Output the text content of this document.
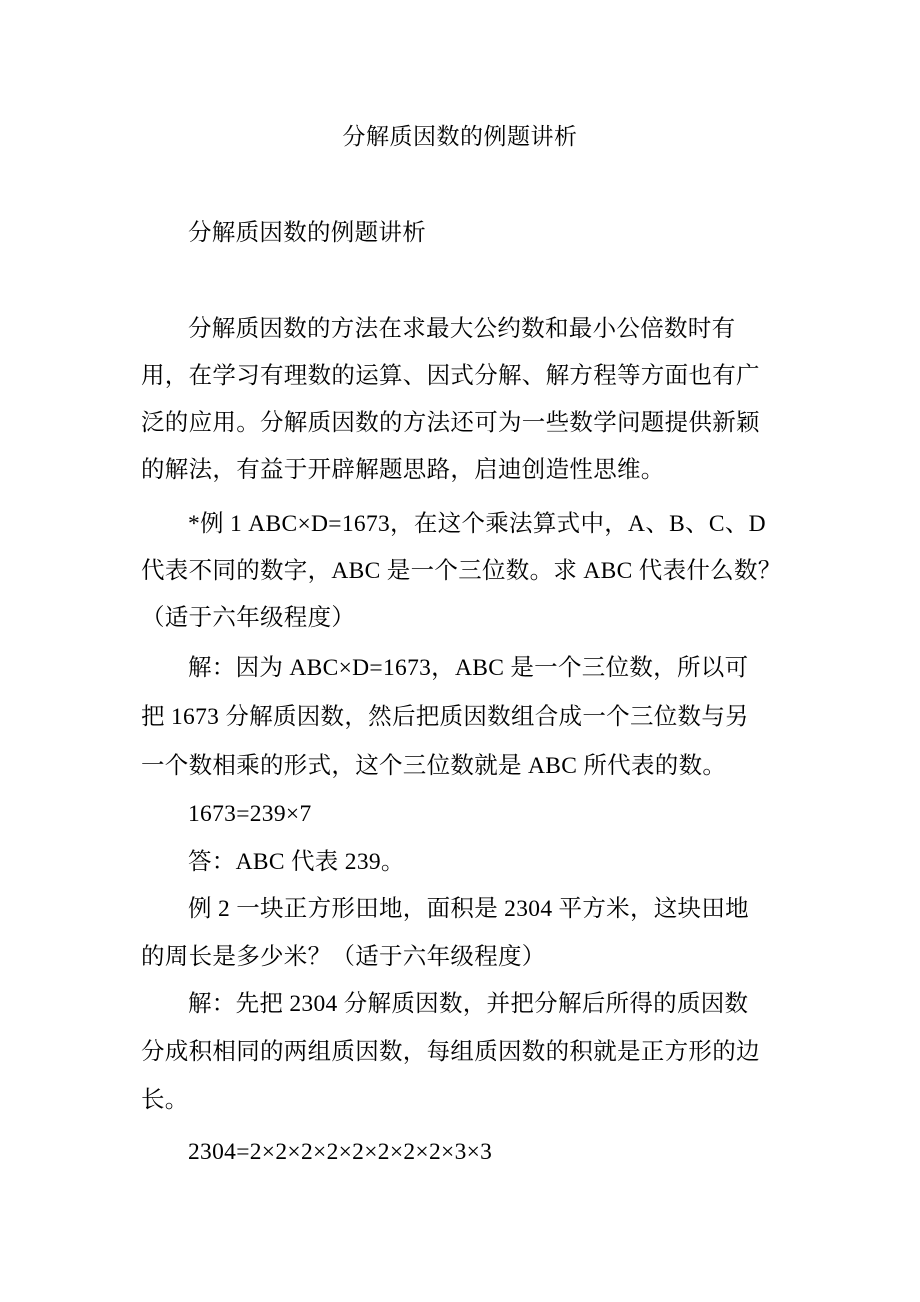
分解质因数的例题讲析
分解质因数的例题讲析
分解质因数的方法在求最大公约数和最小公倍数时有
用，在学习有理数的运算、因式分解、解方程等方面也有广
泛的应用。分解质因数的方法还可为一些数学问题提供新颖
的解法，有益于开辟解题思路，启迪创造性思维。
*例 1 ABC×D=1673，在这个乘法算式中，A、B、C、D
代表不同的数字，ABC 是一个三位数。求 ABC 代表什么数？
（适于六年级程度）
解：因为 ABC×D=1673，ABC 是一个三位数，所以可
把 1673 分解质因数，然后把质因数组合成一个三位数与另
一个数相乘的形式，这个三位数就是 ABC 所代表的数。
1673=239×7
答：ABC 代表 239。
例 2 一块正方形田地，面积是 2304 平方米，这块田地
的周长是多少米？（适于六年级程度）
解：先把 2304 分解质因数，并把分解后所得的质因数
分成积相同的两组质因数，每组质因数的积就是正方形的边
长。
2304=2×2×2×2×2×2×2×2×3×3
